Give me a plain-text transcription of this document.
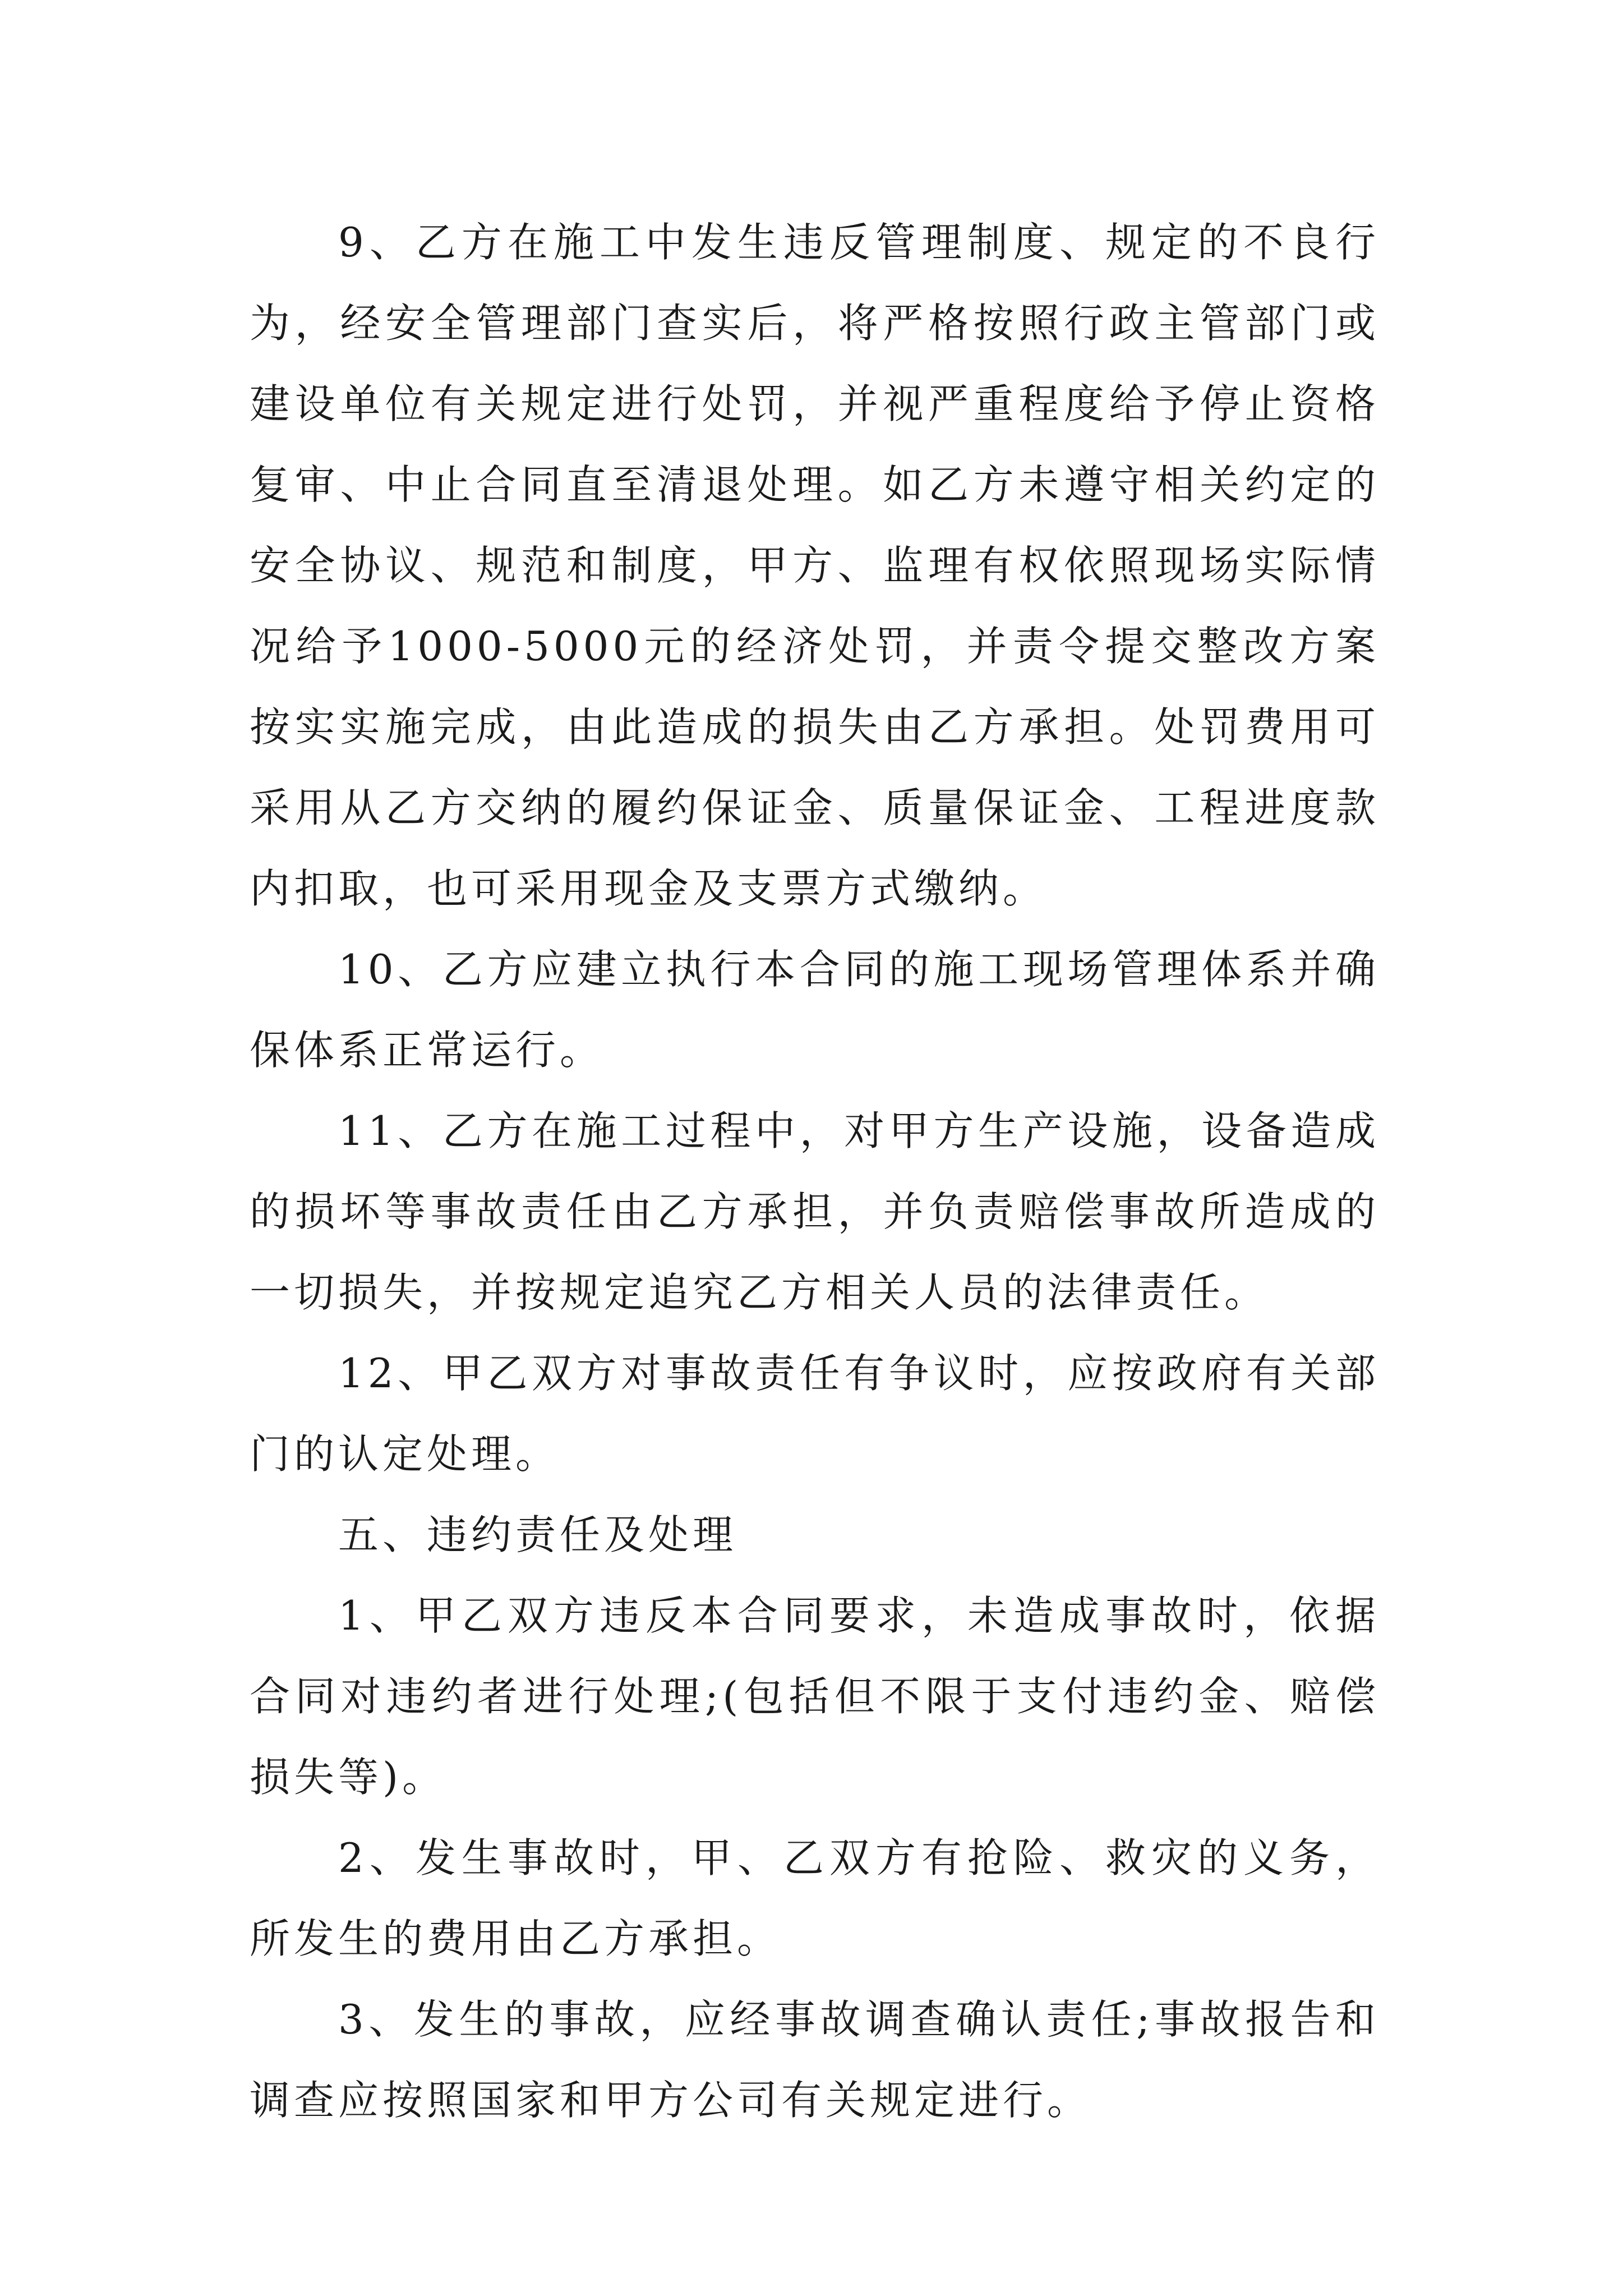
9、乙方在施工中发生违反管理制度、规定的不良行为，经安全管理部门查实后，将严格按照行政主管部门或建设单位有关规定进行处罚，并视严重程度给予停止资格复审、中止合同直至清退处理。如乙方未遵守相关约定的安全协议、规范和制度，甲方、监理有权依照现场实际情况给予1000-5000元的经济处罚，并责令提交整改方案按实实施完成，由此造成的损失由乙方承担。处罚费用可采用从乙方交纳的履约保证金、质量保证金、工程进度款内扣取，也可采用现金及支票方式缴纳。

10、乙方应建立执行本合同的施工现场管理体系并确保体系正常运行。

11、乙方在施工过程中，对甲方生产设施，设备造成的损坏等事故责任由乙方承担，并负责赔偿事故所造成的一切损失，并按规定追究乙方相关人员的法律责任。

12、甲乙双方对事故责任有争议时，应按政府有关部门的认定处理。

五、违约责任及处理

1、甲乙双方违反本合同要求，未造成事故时，依据合同对违约者进行处理;(包括但不限于支付违约金、赔偿损失等)。

2、发生事故时，甲、乙双方有抢险、救灾的义务，所发生的费用由乙方承担。

3、发生的事故，应经事故调查确认责任;事故报告和调查应按照国家和甲方公司有关规定进行。
